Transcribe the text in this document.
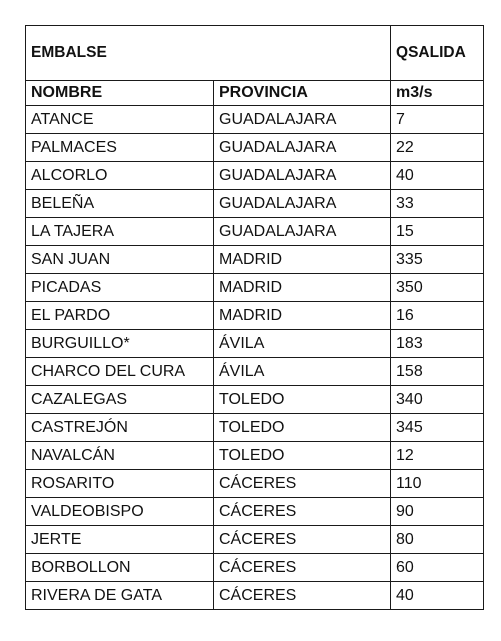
EMBALSE		QSALIDA
NOMBRE	PROVINCIA	m3/s
ATANCE	GUADALAJARA	7
PALMACES	GUADALAJARA	22
ALCORLO	GUADALAJARA	40
BELEÑA	GUADALAJARA	33
LA TAJERA	GUADALAJARA	15
SAN JUAN	MADRID	335
PICADAS	MADRID	350
EL PARDO	MADRID	16
BURGUILLO*	ÁVILA	183
CHARCO DEL CURA	ÁVILA	158
CAZALEGAS	TOLEDO	340
CASTREJÓN	TOLEDO	345
NAVALCÁN	TOLEDO	12
ROSARITO	CÁCERES	110
VALDEOBISPO	CÁCERES	90
JERTE	CÁCERES	80
BORBOLLON	CÁCERES	60
RIVERA DE GATA	CÁCERES	40
